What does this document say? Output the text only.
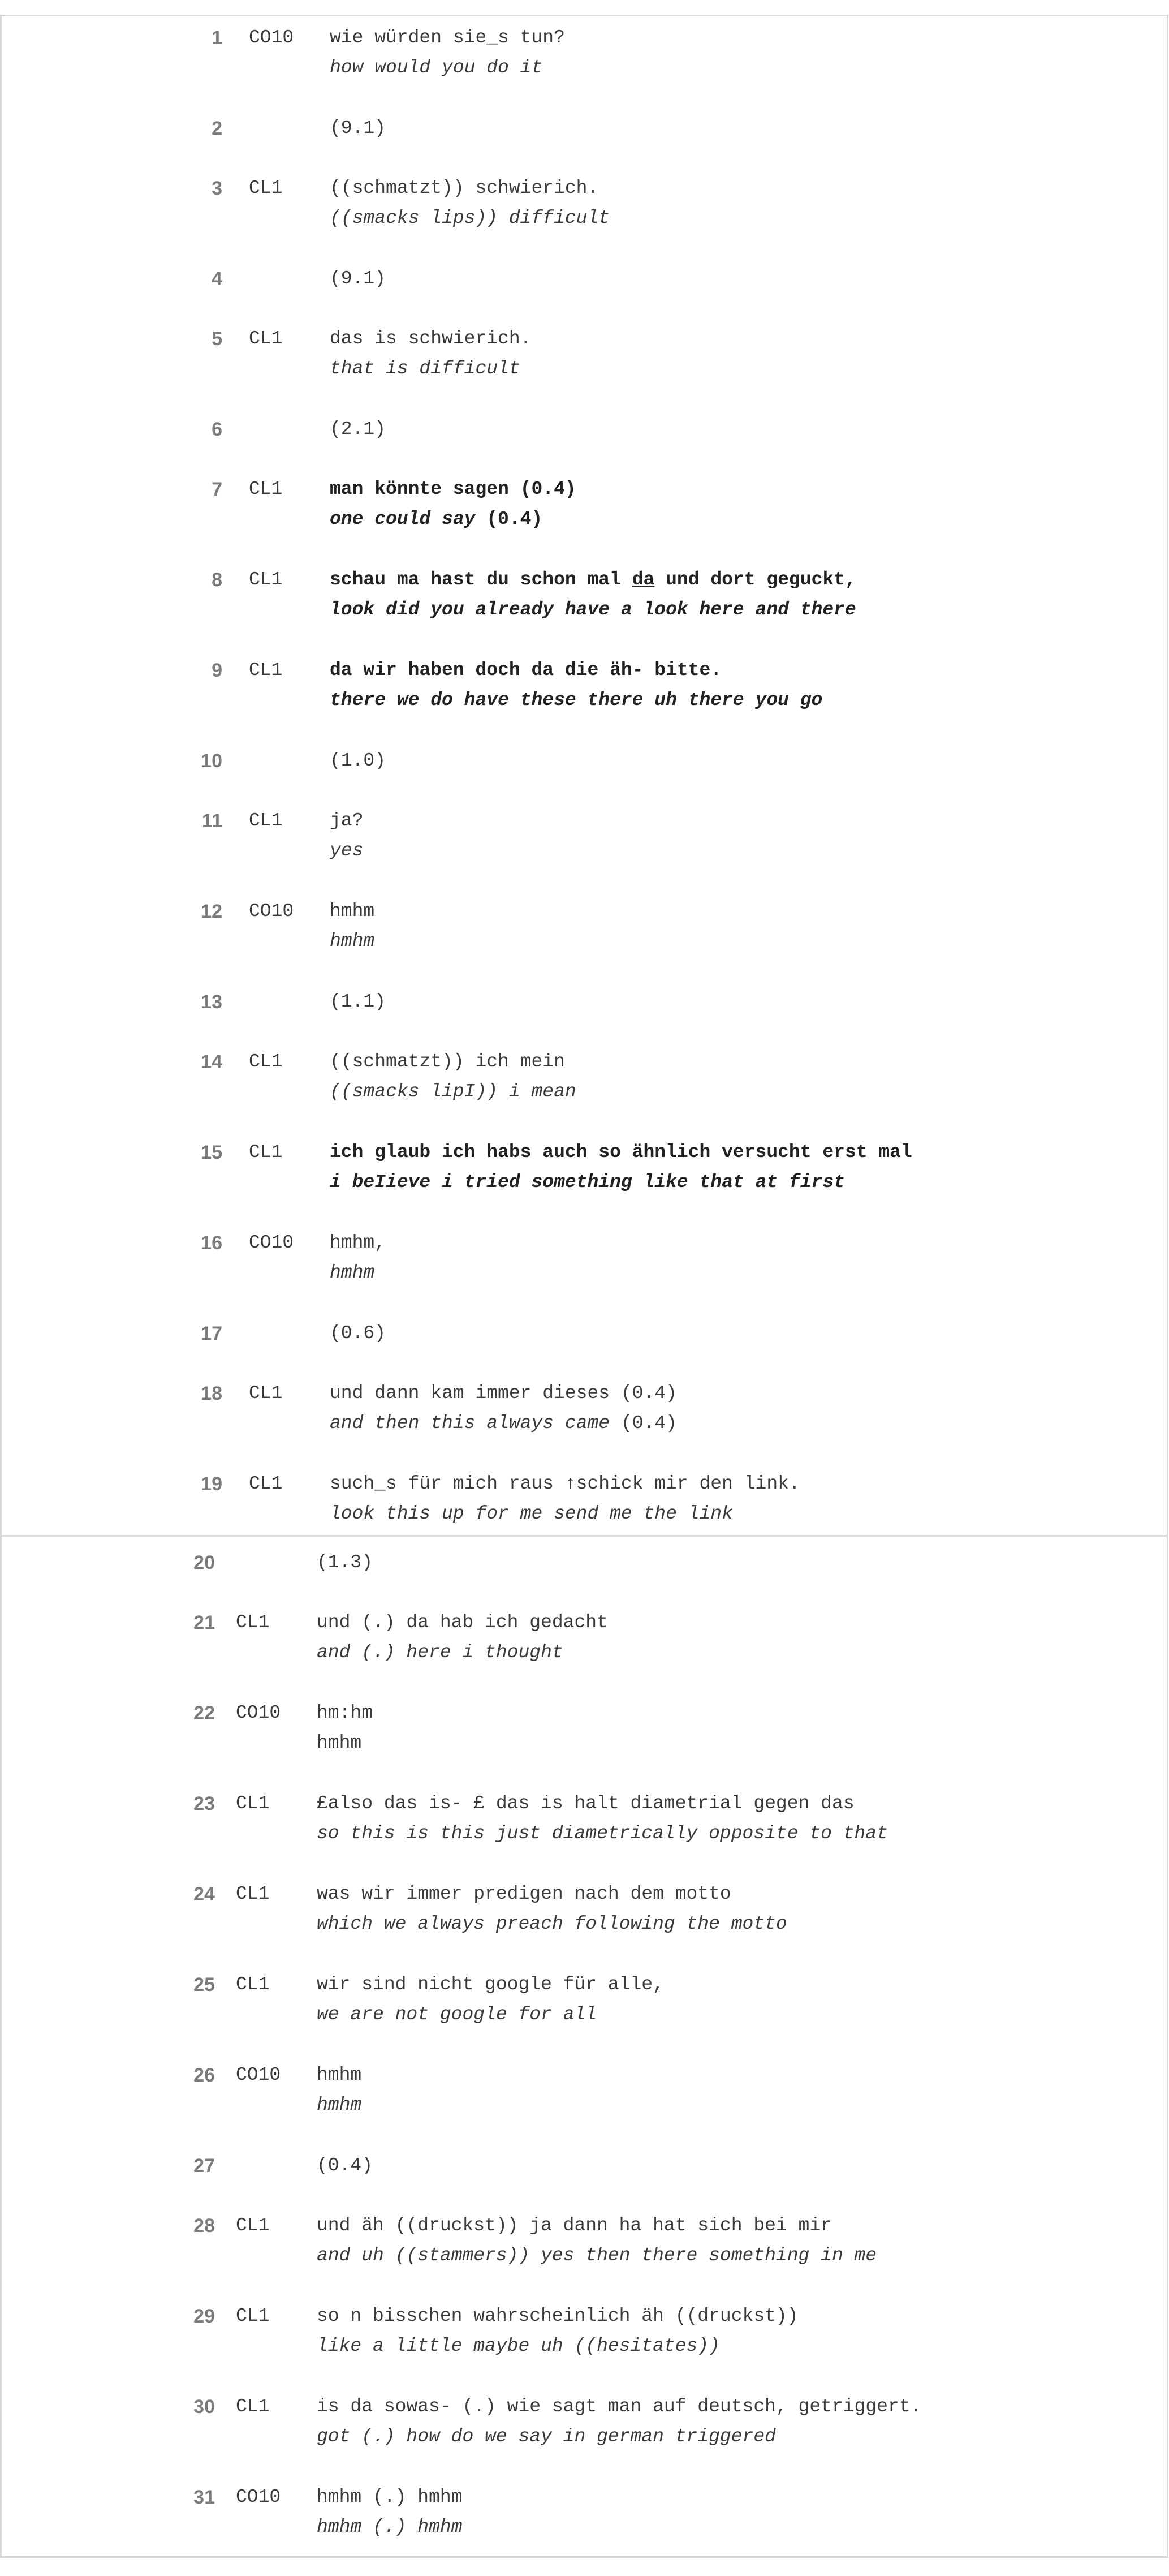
1 CO10 wie würden sie_s tun?
how would you do it
2	(9.1)
3 CL1	((schmatzt)) schwierich.
((smacks lips)) difficult
4	(9.1)
5 CL1	das is schwierich.
that is difficult
6	(2.1)
7 CL1	man könnte sagen (0.4)
one could say (0.4)
8 CL1	schau ma hast du schon mal da und dort geguckt,
look did you already have a look here and there
9 CL1	da wir haben doch da die äh- bitte.
there we do have these there uh there you go
10	(1.0)
11 CL1	ja?
yes
12 CO10 hmhm
hmhm
13	(1.1)
14 CL1	((schmatzt)) ich mein
((smacks lipI)) i mean
15 CL1	ich glaub ich habs auch so ähnlich versucht erst mal
i beIieve i tried something like that at first
16 CO10 hmhm,
hmhm
17	(0.6)
18 CL1	und dann kam immer dieses (0.4)
and then this always came (0.4)
19 CL1	such_s für mich raus ↑schick mir den link.
look this up for me send me the link
20	(1.3)
21 CL1	und (.) da hab ich gedacht
and (.) here i thought
22 CO10 hm:hm
hmhm
23 CL1	£also das is- £ das is halt diametrial gegen das
so this is this just diametrically opposite to that
24 CL1	was wir immer predigen nach dem motto
which we always preach following the motto
25 CL1	wir sind nicht google für alle,
we are not google for all
26 CO10 hmhm
hmhm
27	(0.4)
28 CL1	und äh ((druckst)) ja dann ha hat sich bei mir
and uh ((stammers)) yes then there something in me
29 CL1	so n bisschen wahrscheinlich äh ((druckst))
like a little maybe uh ((hesitates))
30 CL1	is da sowas- (.) wie sagt man auf deutsch, getriggert.
got (.) how do we say in german triggered
31 CO10 hmhm (.) hmhm
hmhm (.) hmhm
